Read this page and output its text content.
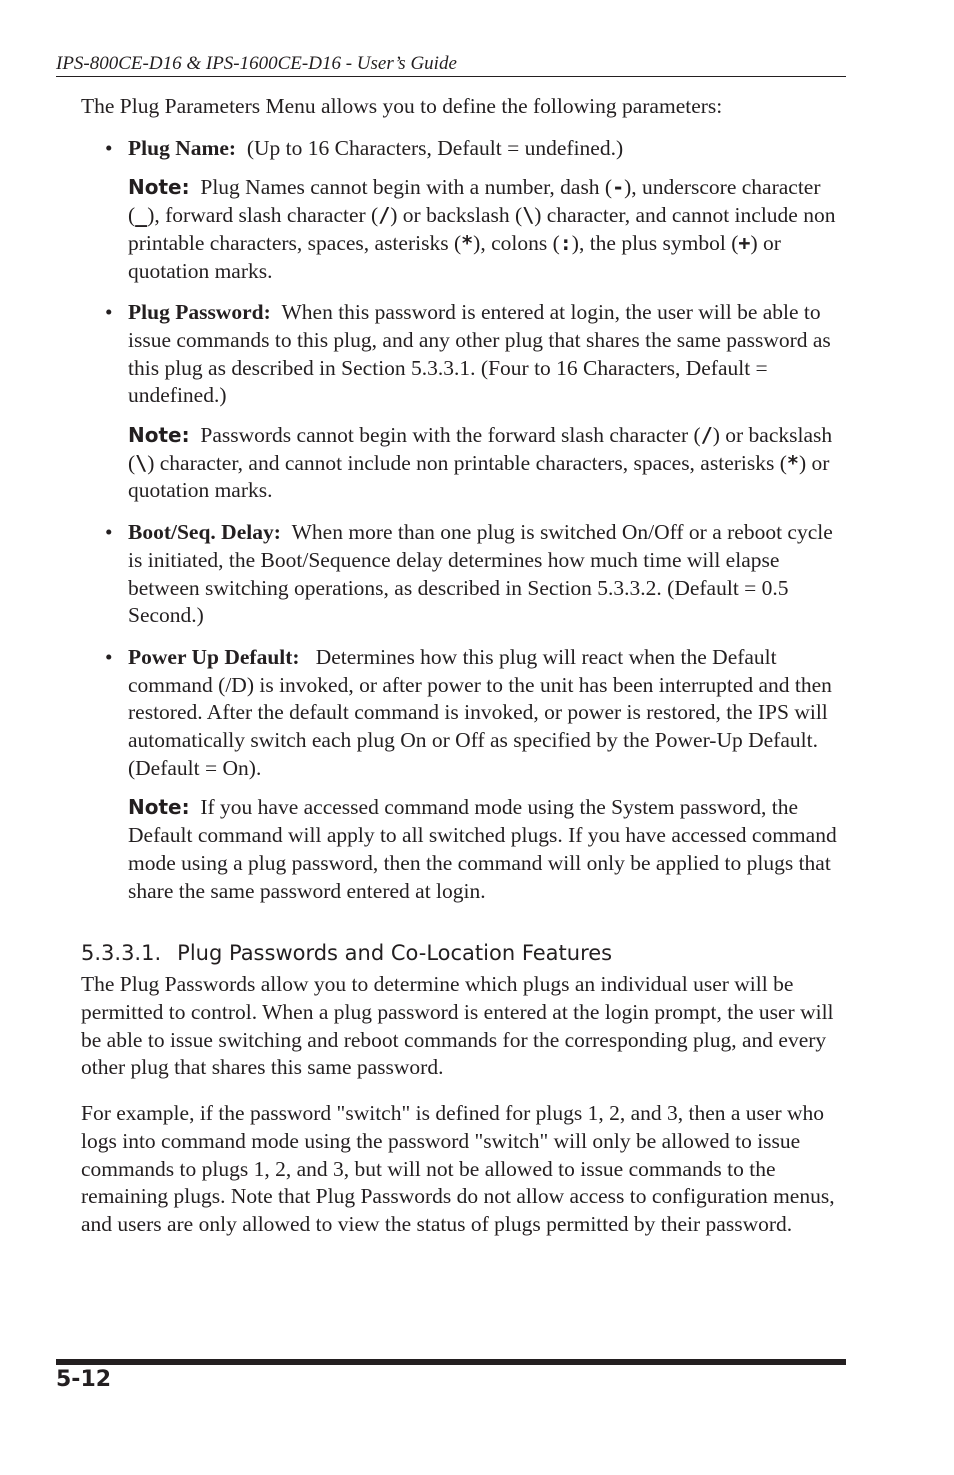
IPS-800CE-D16 & IPS-1600CE-D16 - User’s Guide

The Plug Parameters Menu allows you to define the following parameters:

• Plug Name: (Up to 16 Characters, Default = undefined.)
Note: Plug Names cannot begin with a number, dash (-), underscore character (_), forward slash character (/) or backslash (\) character, and cannot include non printable characters, spaces, asterisks (*), colons (:), the plus symbol (+) or quotation marks.
• Plug Password: When this password is entered at login, the user will be able to issue commands to this plug, and any other plug that shares the same password as this plug as described in Section 5.3.3.1. (Four to 16 Characters, Default = undefined.)
Note: Passwords cannot begin with the forward slash character (/) or backslash (\) character, and cannot include non printable characters, spaces, asterisks (*) or quotation marks.
• Boot/Seq. Delay: When more than one plug is switched On/Off or a reboot cycle is initiated, the Boot/Sequence delay determines how much time will elapse between switching operations, as described in Section 5.3.3.2. (Default = 0.5 Second.)
• Power Up Default: Determines how this plug will react when the Default command (/D) is invoked, or after power to the unit has been interrupted and then restored. After the default command is invoked, or power is restored, the IPS will automatically switch each plug On or Off as specified by the Power-Up Default. (Default = On).
Note: If you have accessed command mode using the System password, the Default command will apply to all switched plugs. If you have accessed command mode using a plug password, then the command will only be applied to plugs that share the same password entered at login.
5.3.3.1. Plug Passwords and Co-Location Features

The Plug Passwords allow you to determine which plugs an individual user will be permitted to control. When a plug password is entered at the login prompt, the user will be able to issue switching and reboot commands for the corresponding plug, and every other plug that shares this same password.

For example, if the password "switch" is defined for plugs 1, 2, and 3, then a user who logs into command mode using the password "switch" will only be allowed to issue commands to plugs 1, 2, and 3, but will not be allowed to issue commands to the remaining plugs. Note that Plug Passwords do not allow access to configuration menus, and users are only allowed to view the status of plugs permitted by their password.

5-12
